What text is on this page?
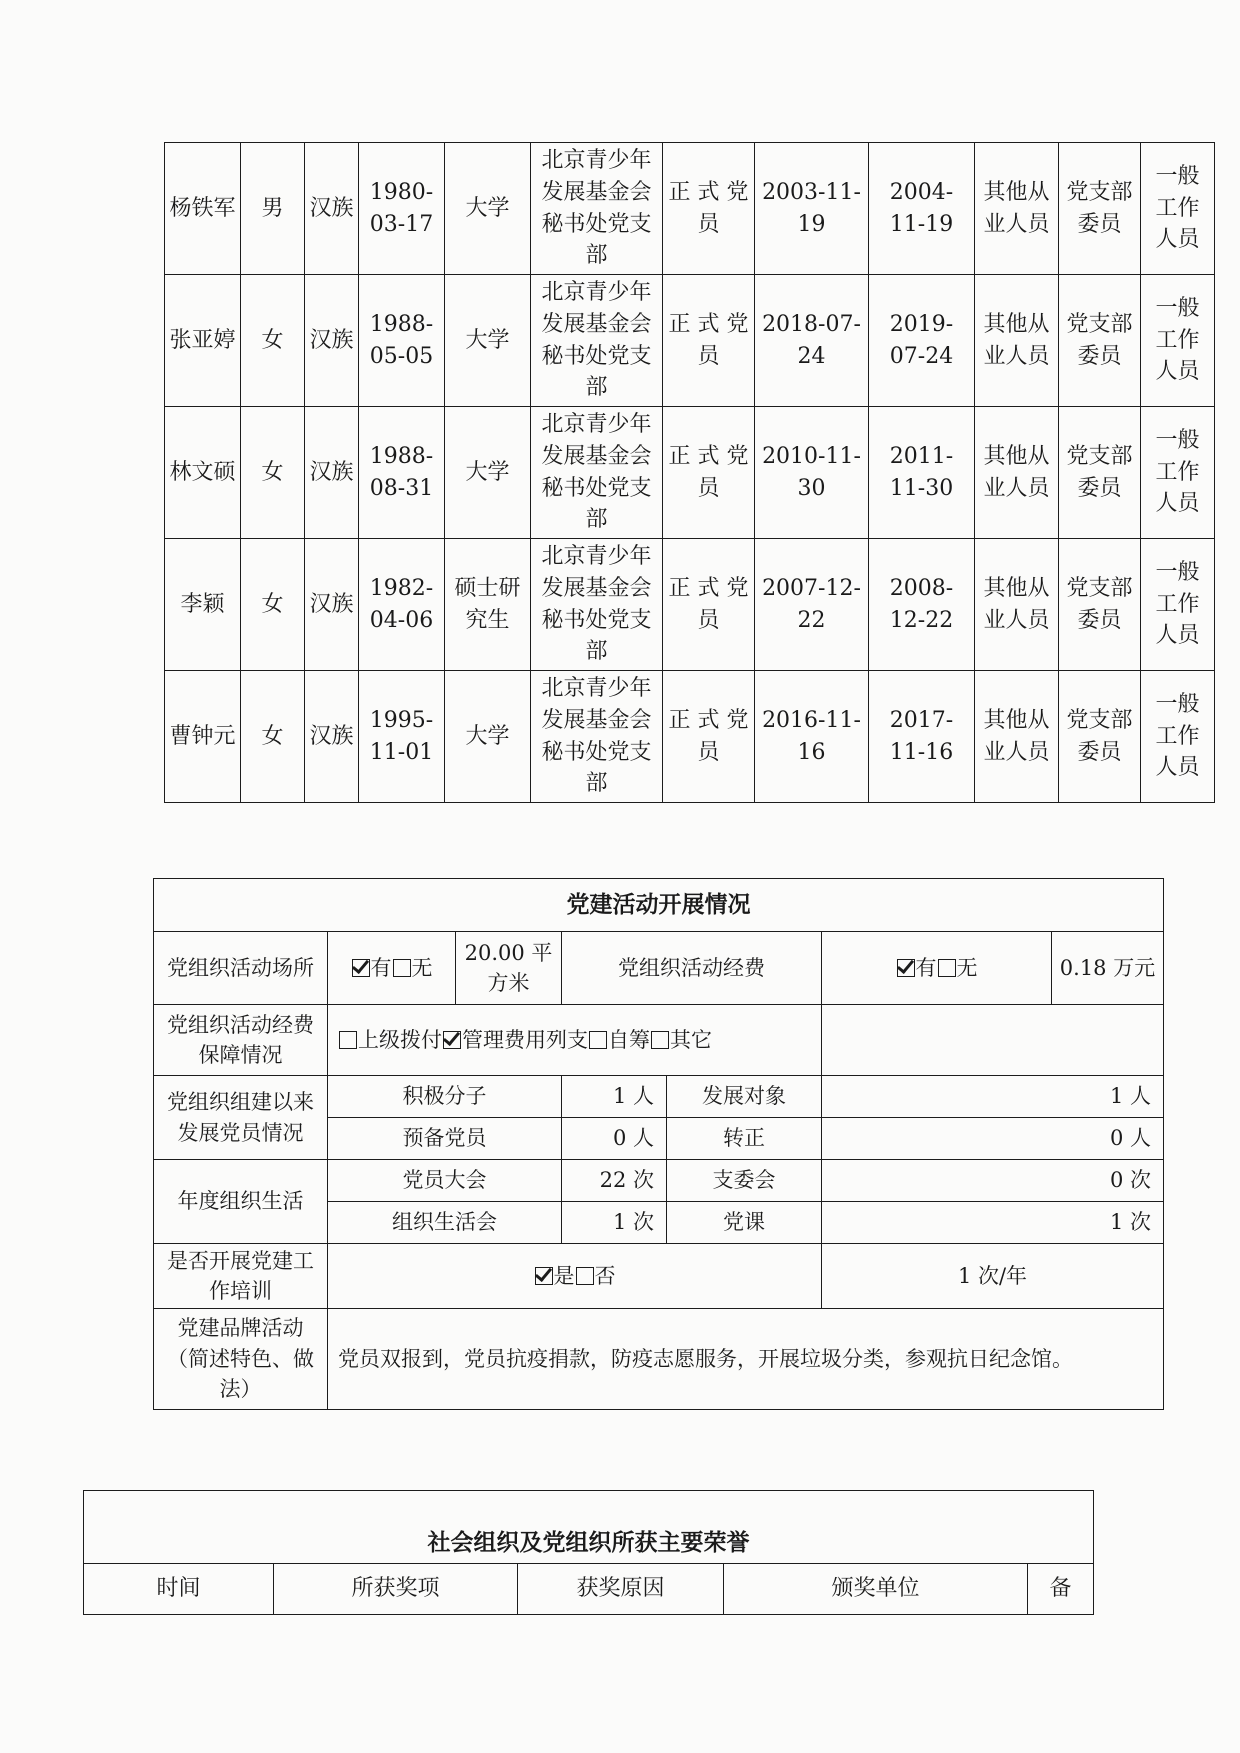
杨铁军	男	汉族	1980-03-17	大学	北京青少年发展基金会秘书处党支部	正 式 党员	2003-11-19	2004-11-19	其他从业人员	党支部委员	一般工作人员
张亚婷	女	汉族	1988-05-05	大学	北京青少年发展基金会秘书处党支部	正 式 党员	2018-07-24	2019-07-24	其他从业人员	党支部委员	一般工作人员
林文硕	女	汉族	1988-08-31	大学	北京青少年发展基金会秘书处党支部	正 式 党员	2010-11-30	2011-11-30	其他从业人员	党支部委员	一般工作人员
李颖	女	汉族	1982-04-06	硕士研究生	北京青少年发展基金会秘书处党支部	正 式 党员	2007-12-22	2008-12-22	其他从业人员	党支部委员	一般工作人员
曹钟元	女	汉族	1995-11-01	大学	北京青少年发展基金会秘书处党支部	正 式 党员	2016-11-16	2017-11-16	其他从业人员	党支部委员	一般工作人员
党建活动开展情况						
党组织活动场所	有 无	20.00 平方米	党组织活动经费		有 无	0.18 万元
党组织活动经费保障情况	上级拨付 管理费用列支 自筹 其它					
党组织组建以来发展党员情况	积极分子		1 人	发展对象	1 人	
	预备党员		0 人	转正	0 人	
年度组织生活	党员大会		22 次	支委会	0 次	
	组织生活会		1 次	党课	1 次	
是否开展党建工作培训	是 否				1 次/年	
党建品牌活动（简述特色、做法）	党员双报到，党员抗疫捐款，防疫志愿服务，开展垃圾分类，参观抗日纪念馆。					
社会组织及党组织所获主要荣誉
时间	所获奖项	获奖原因	颁奖单位	备
